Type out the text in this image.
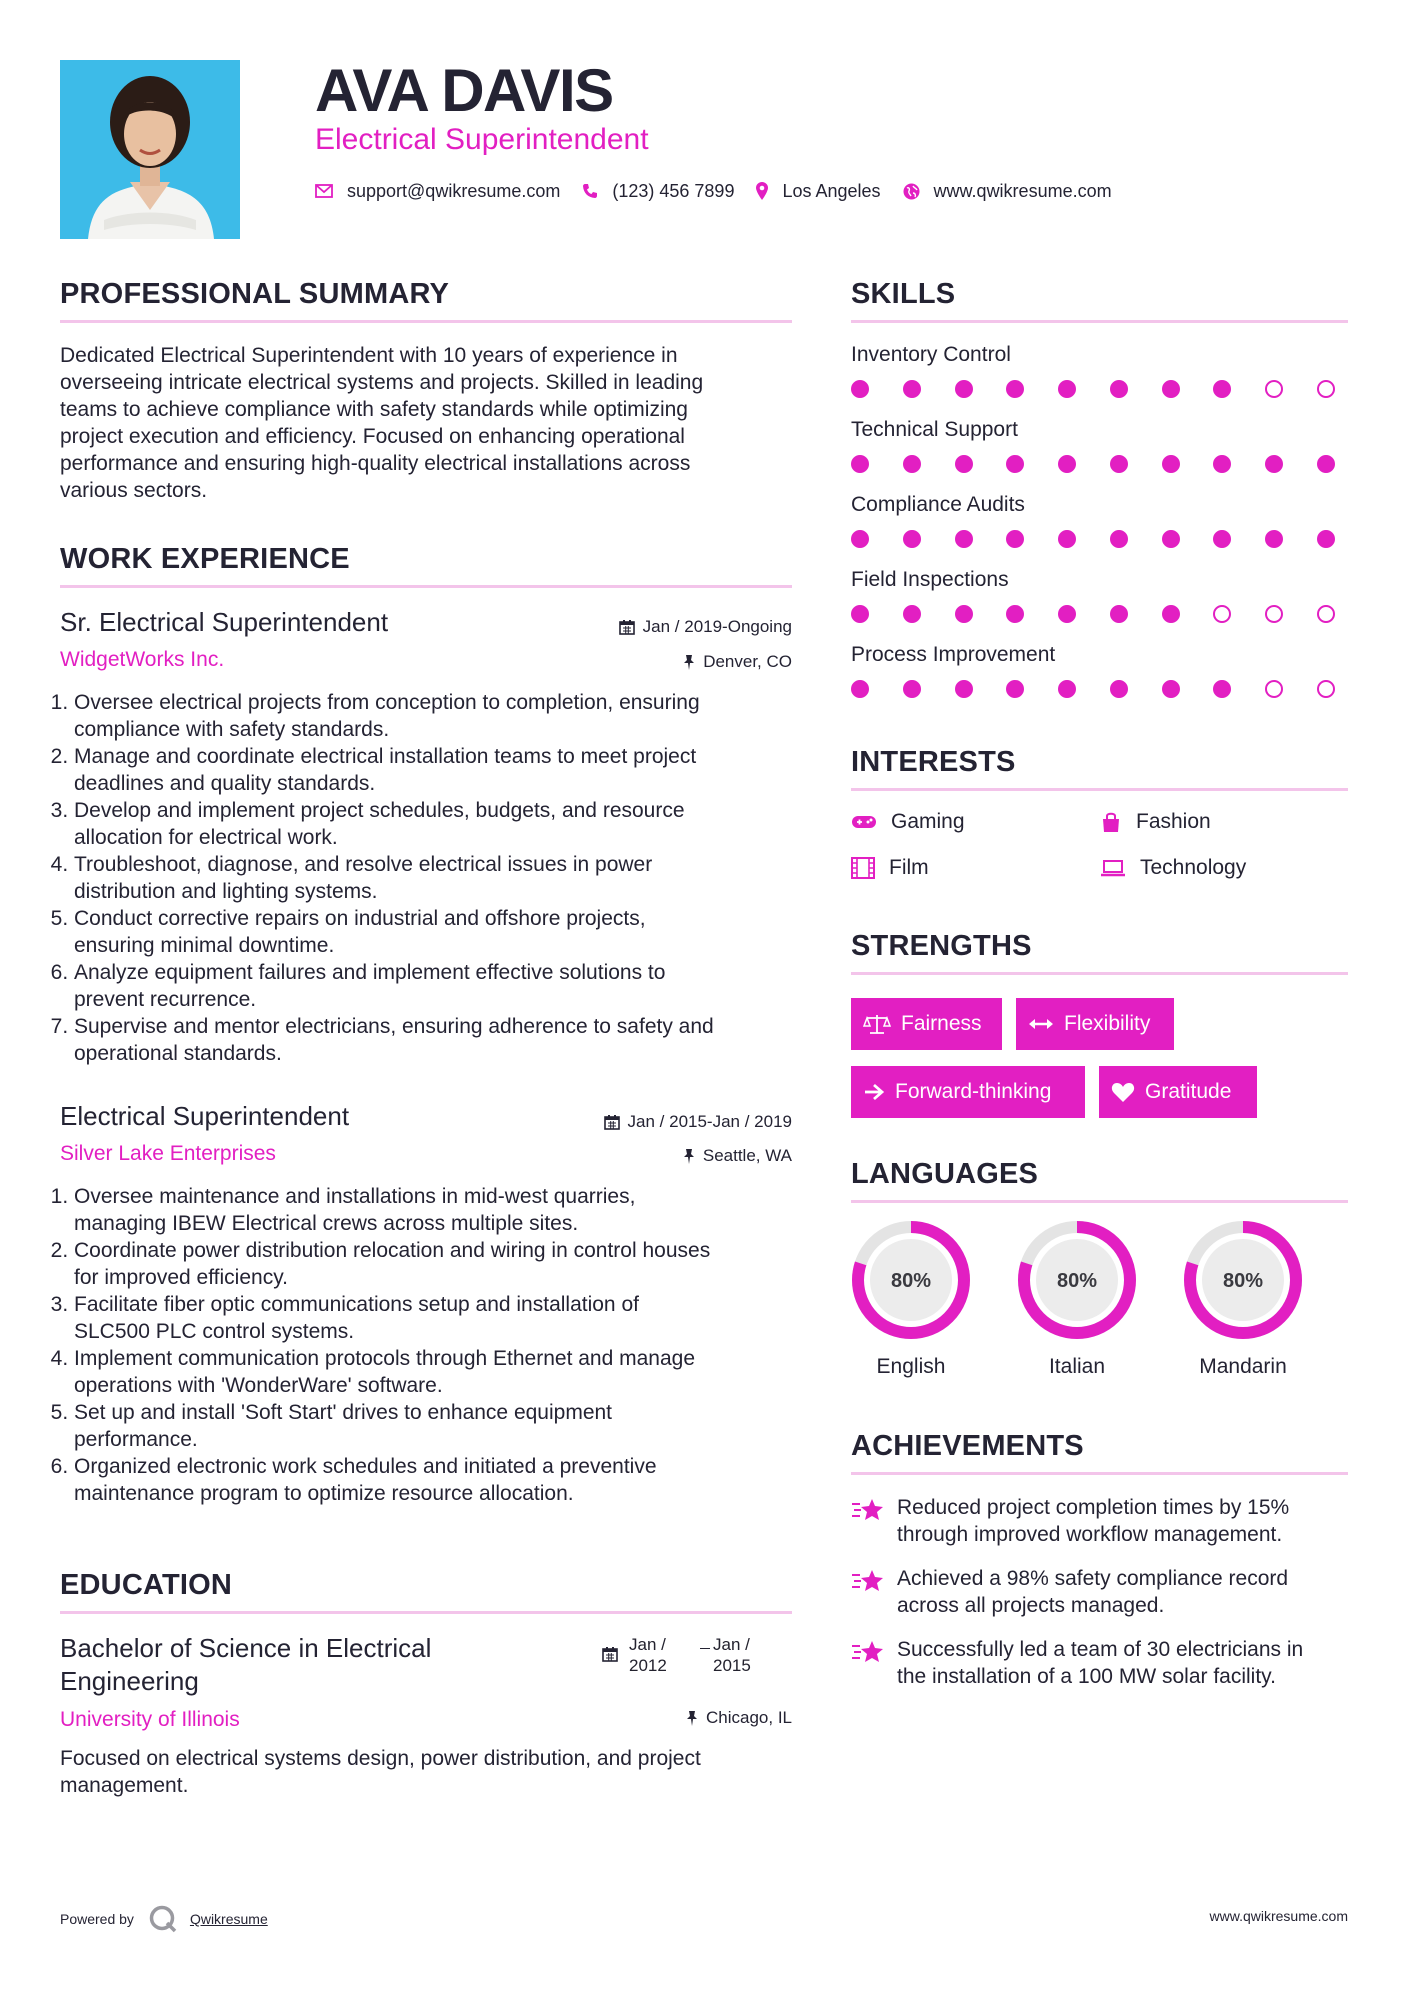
AVA DAVIS
Electrical Superintendent
support@qwikresume.com	(123) 456 7899	Los Angeles	www.qwikresume.com
PROFESSIONAL SUMMARY
Dedicated Electrical Superintendent with 10 years of experience in
overseeing intricate electrical systems and projects. Skilled in leading
teams to achieve compliance with safety standards while optimizing
project execution and efficiency. Focused on enhancing operational
performance and ensuring high-quality electrical installations across
various sectors.
WORK EXPERIENCE
Sr. Electrical Superintendent	Jan / 2019-Ongoing
WidgetWorks Inc.	Denver, CO
1. Oversee electrical projects from conception to completion, ensuring
compliance with safety standards.
2. Manage and coordinate electrical installation teams to meet project
deadlines and quality standards.
3. Develop and implement project schedules, budgets, and resource
allocation for electrical work.
4. Troubleshoot, diagnose, and resolve electrical issues in power
distribution and lighting systems.
5. Conduct corrective repairs on industrial and offshore projects,
ensuring minimal downtime.
6. Analyze equipment failures and implement effective solutions to
prevent recurrence.
7. Supervise and mentor electricians, ensuring adherence to safety and
operational standards.
Electrical Superintendent	Jan / 2015-Jan / 2019
Silver Lake Enterprises	Seattle, WA
1. Oversee maintenance and installations in mid-west quarries,
managing IBEW Electrical crews across multiple sites.
2. Coordinate power distribution relocation and wiring in control houses
for improved efficiency.
3. Facilitate fiber optic communications setup and installation of
SLC500 PLC control systems.
4. Implement communication protocols through Ethernet and manage
operations with 'WonderWare' software.
5. Set up and install 'Soft Start' drives to enhance equipment
performance.
6. Organized electronic work schedules and initiated a preventive
maintenance program to optimize resource allocation.
EDUCATION
Bachelor of Science in Electrical
Engineering
Jan /
2012
Jan /
2015
University of Illinois	Chicago, IL
Focused on electrical systems design, power distribution, and project
management.
SKILLS
Inventory Control
Technical Support
Compliance Audits
Field Inspections
Process Improvement
INTERESTS
Gaming	Fashion
Film	Technology
STRENGTHS
Fairness	Flexibility
Forward-thinking	Gratitude
LANGUAGES
80%
English
80%
Italian
80%
Mandarin
ACHIEVEMENTS
Reduced project completion times by 15%
through improved workflow management.
Achieved a 98% safety compliance record
across all projects managed.
Successfully led a team of 30 electricians in
the installation of a 100 MW solar facility.
Powered by	Qwikresume	www.qwikresume.com
